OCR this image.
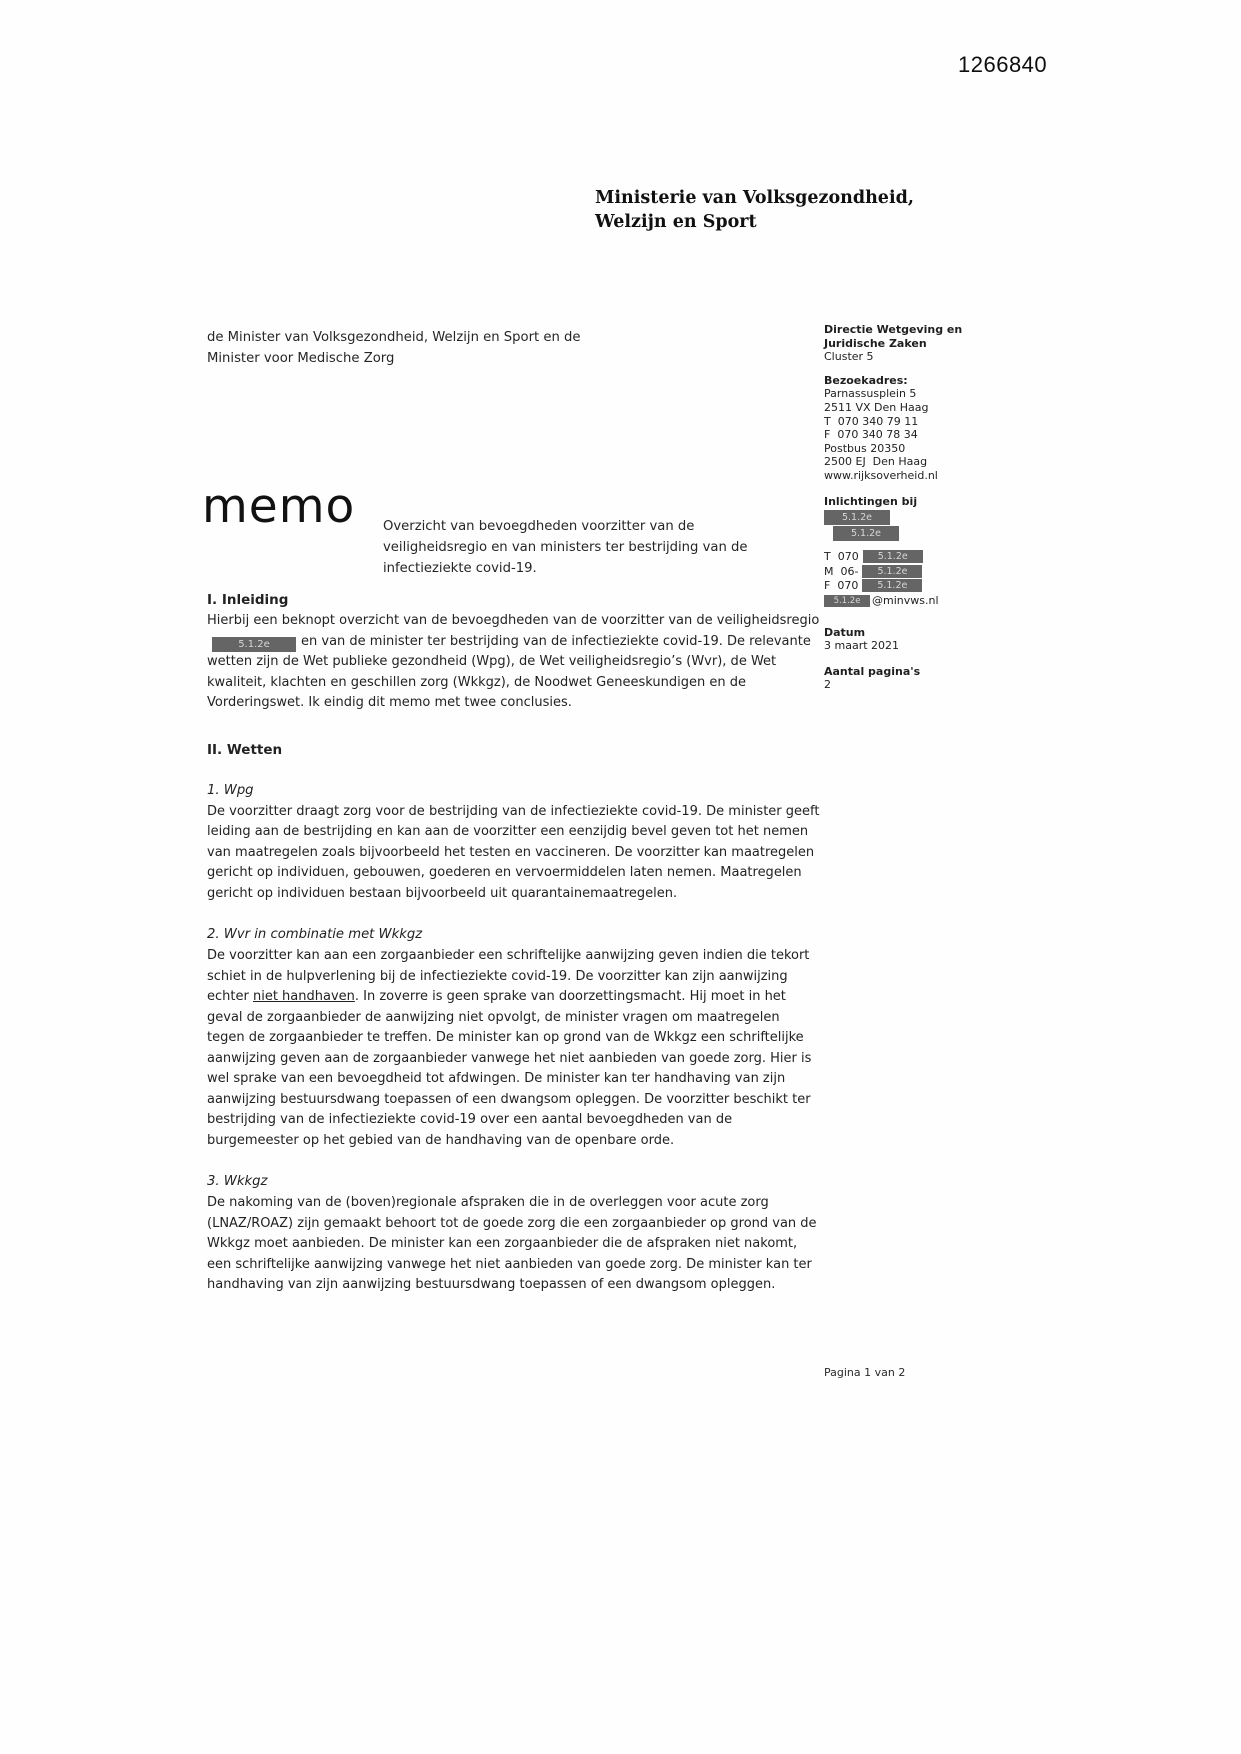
1266840
Ministerie van Volksgezondheid,
Welzijn en Sport
de Minister van Volksgezondheid, Welzijn en Sport en de
Minister voor Medische Zorg
Directie Wetgeving en
Juridische Zaken
Cluster 5
Bezoekadres:
Parnassusplein 5
2511 VX Den Haag
T  070 340 79 11
F  070 340 78 34
Postbus 20350
2500 EJ  Den Haag
www.rijksoverheid.nl
Inlichtingen bij
5.1.2e
5.1.2e
T  070 5.1.2e
M  06- 5.1.2e
F  070 5.1.2e
5.1.2e @minvws.nl
Datum
3 maart 2021
Aantal pagina's
2
memo Overzicht van bevoegdheden voorzitter van de veiligheidsregio en van ministers ter bestrijding van de infectieziekte covid-19.
I. Inleiding

Hierbij een beknopt overzicht van de bevoegdheden van de voorzitter van de veiligheidsregio5.1.2e en van de minister ter bestrijding van de infectieziekte covid-19. De relevante wetten zijn de Wet publieke gezondheid (Wpg), de Wet veiligheidsregio’s (Wvr), de Wet kwaliteit, klachten en geschillen zorg (Wkkgz), de Noodwet Geneeskundigen en de Vorderingswet. Ik eindig dit memo met twee conclusies.

II. Wetten
1. Wpg

De voorzitter draagt zorg voor de bestrijding van de infectieziekte covid-19. De minister geeft leiding aan de bestrijding en kan aan de voorzitter een eenzijdig bevel geven tot het nemen van maatregelen zoals bijvoorbeeld het testen en vaccineren. De voorzitter kan maatregelen gericht op individuen, gebouwen, goederen en vervoermiddelen laten nemen. Maatregelen gericht op individuen bestaan bijvoorbeeld uit quarantainemaatregelen.

2. Wvr in combinatie met Wkkgz

De voorzitter kan aan een zorgaanbieder een schriftelijke aanwijzing geven indien die tekort schiet in de hulpverlening bij de infectieziekte covid-19. De voorzitter kan zijn aanwijzing echter niet handhaven. In zoverre is geen sprake van doorzettingsmacht. Hij moet in het geval de zorgaanbieder de aanwijzing niet opvolgt, de minister vragen om maatregelen tegen de zorgaanbieder te treffen. De minister kan op grond van de Wkkgz een schriftelijke aanwijzing geven aan de zorgaanbieder vanwege het niet aanbieden van goede zorg. Hier is wel sprake van een bevoegdheid tot afdwingen. De minister kan ter handhaving van zijn aanwijzing bestuursdwang toepassen of een dwangsom opleggen. De voorzitter beschikt ter bestrijding van de infectieziekte covid-19 over een aantal bevoegdheden van de burgemeester op het gebied van de handhaving van de openbare orde.

3. Wkkgz

De nakoming van de (boven)regionale afspraken die in de overleggen voor acute zorg (LNAZ/ROAZ) zijn gemaakt behoort tot de goede zorg die een zorgaanbieder op grond van de Wkkgz moet aanbieden. De minister kan een zorgaanbieder die de afspraken niet nakomt, een schriftelijke aanwijzing vanwege het niet aanbieden van goede zorg. De minister kan ter handhaving van zijn aanwijzing bestuursdwang toepassen of een dwangsom opleggen.

Pagina 1 van 2
